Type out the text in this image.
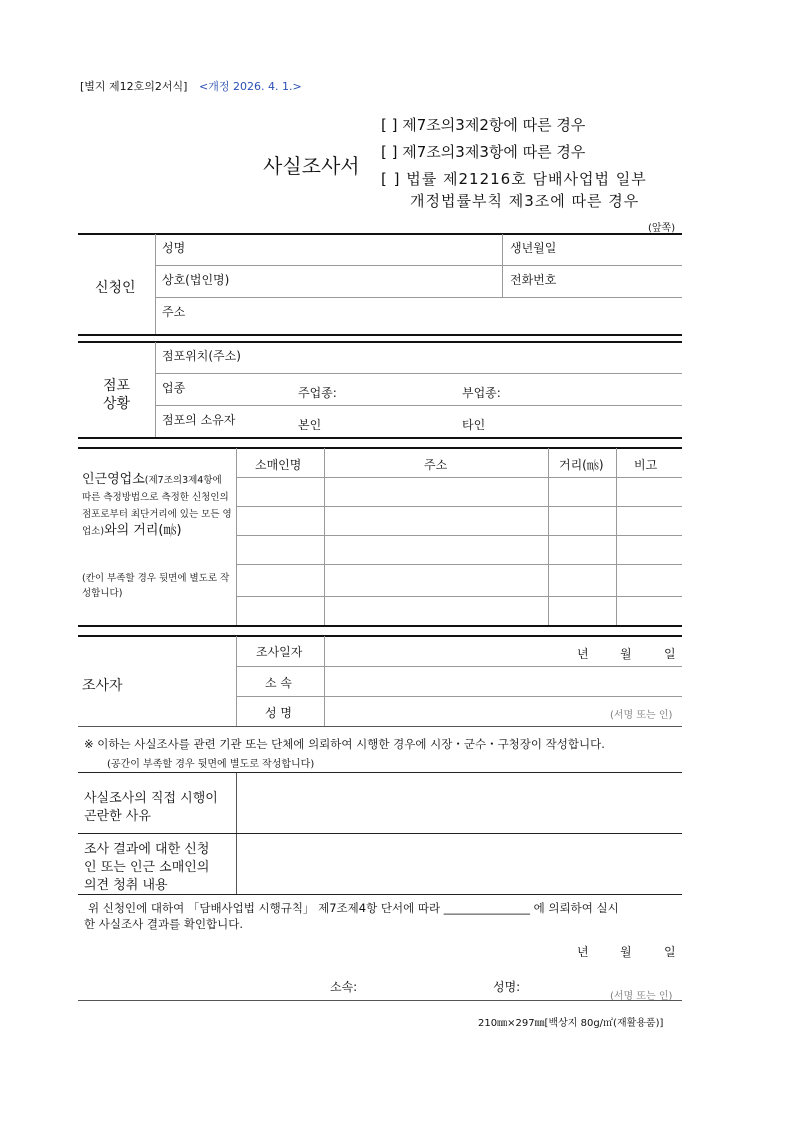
[별지 제12호의2서식] <개정 2026. 4. 1.>
사실조사서
[ ] 제7조의3제2항에 따른 경우
[ ] 제7조의3제3항에 따른 경우
[ ] 법률 제21216호 담배사업법 일부
개정법률부칙 제3조에 따른 경우
(앞쪽)
신청인
성명	생년월일
상호(법인명)	전화번호
주소
점포
상황
점포위치(주소)
업종	주업종:	부업종:
점포의 소유자	본인	타인
소매인명	주소	거리(㎧)	비고
인근영업소(제7조의3제4항에 따른 측정방법으로 측정한 신청인의 점포로부터 최단거리에 있는 모든 영업소)와의 거리(㎧)
(칸이 부족할 경우 뒷면에 별도로 작성합니다)
조사자
조사일자	년	월	일
소 속
성 명	(서명 또는 인)
※ 이하는 사실조사를 관련 기관 또는 단체에 의뢰하여 시행한 경우에 시장・군수・구청장이 작성합니다.
(공간이 부족할 경우 뒷면에 별도로 작성합니다)
사실조사의 직접 시행이
곤란한 사유
조사 결과에 대한 신청
인 또는 인근 소매인의
의견 청취 내용
위 신청인에 대하여 「담배사업법 시행규칙」 제7조제4항 단서에 따라 _______________ 에 의뢰하여 실시
한 사실조사 결과를 확인합니다.
년	월	일
소속:	성명:
(서명 또는 인)
210㎜×297㎜[백상지 80g/㎡(재활용품)]
